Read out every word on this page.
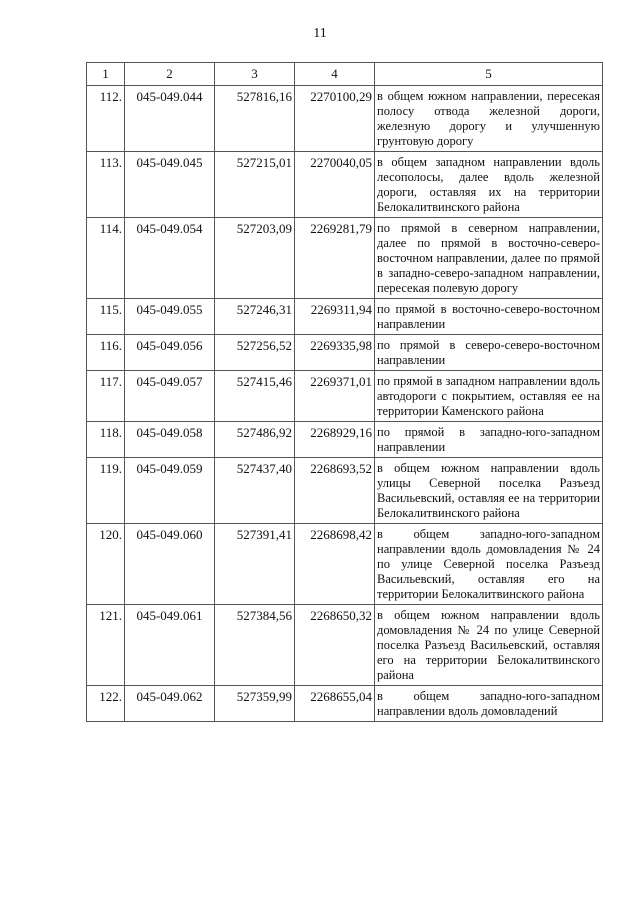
11
1	2	3	4	5
112.	045-049.044	527816,16	2270100,29	в общем южном направлении, пересекая полосу отвода железной дороги, железную дорогу и улучшенную грунтовую дорогу
113.	045-049.045	527215,01	2270040,05	в общем западном направлении вдоль лесополосы, далее вдоль железной дороги, оставляя их на территории Белокалитвинского района
114.	045-049.054	527203,09	2269281,79	по прямой в северном направлении, далее по прямой в восточно-северо-восточном направлении, далее по прямой в западно-северо-западном направлении, пересекая полевую дорогу
115.	045-049.055	527246,31	2269311,94	по прямой в восточно-северо-восточном направлении
116.	045-049.056	527256,52	2269335,98	по прямой в северо-северо-восточном направлении
117.	045-049.057	527415,46	2269371,01	по прямой в западном направлении вдоль автодороги с покрытием, оставляя ее на территории Каменского района
118.	045-049.058	527486,92	2268929,16	по прямой в западно-юго-западном направлении
119.	045-049.059	527437,40	2268693,52	в общем южном направлении вдоль улицы Северной поселка Разъезд Васильевский, оставляя ее на территории Белокалитвинского района
120.	045-049.060	527391,41	2268698,42	в общем западно-юго-западном направлении вдоль домовладения № 24 по улице Северной поселка Разъезд Васильевский, оставляя его на территории Белокалитвинского района
121.	045-049.061	527384,56	2268650,32	в общем южном направлении вдоль домовладения № 24 по улице Северной поселка Разъезд Васильевский, оставляя его на территории Белокалитвинского района
122.	045-049.062	527359,99	2268655,04	в общем западно-юго-западном направлении вдоль домовладений
